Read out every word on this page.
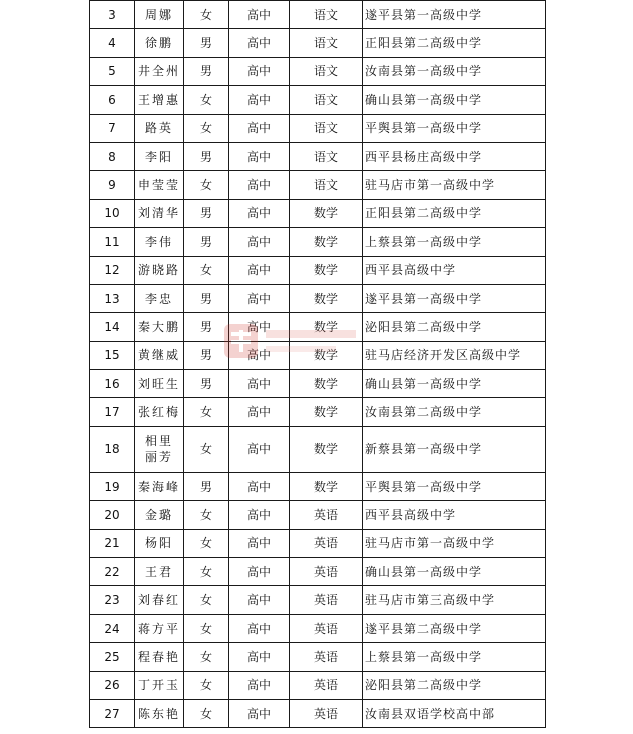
3	周娜	女	高中	语文	遂平县第一高级中学
4	徐鹏	男	高中	语文	正阳县第二高级中学
5	井全州	男	高中	语文	汝南县第一高级中学
6	王增惠	女	高中	语文	确山县第一高级中学
7	路英	女	高中	语文	平舆县第一高级中学
8	李阳	男	高中	语文	西平县杨庄高级中学
9	申莹莹	女	高中	语文	驻马店市第一高级中学
10	刘清华	男	高中	数学	正阳县第二高级中学
11	李伟	男	高中	数学	上蔡县第一高级中学
12	游晓路	女	高中	数学	西平县高级中学
13	李忠	男	高中	数学	遂平县第一高级中学
14	秦大鹏	男	高中	数学	泌阳县第二高级中学
15	黄继威	男	高中	数学	驻马店经济开发区高级中学
16	刘旺生	男	高中	数学	确山县第一高级中学
17	张红梅	女	高中	数学	汝南县第二高级中学
18	相里丽芳	女	高中	数学	新蔡县第一高级中学
19	秦海峰	男	高中	数学	平舆县第一高级中学
20	金璐	女	高中	英语	西平县高级中学
21	杨阳	女	高中	英语	驻马店市第一高级中学
22	王君	女	高中	英语	确山县第一高级中学
23	刘春红	女	高中	英语	驻马店市第三高级中学
24	蒋方平	女	高中	英语	遂平县第二高级中学
25	程春艳	女	高中	英语	上蔡县第一高级中学
26	丁开玉	女	高中	英语	泌阳县第二高级中学
27	陈东艳	女	高中	英语	汝南县双语学校高中部
